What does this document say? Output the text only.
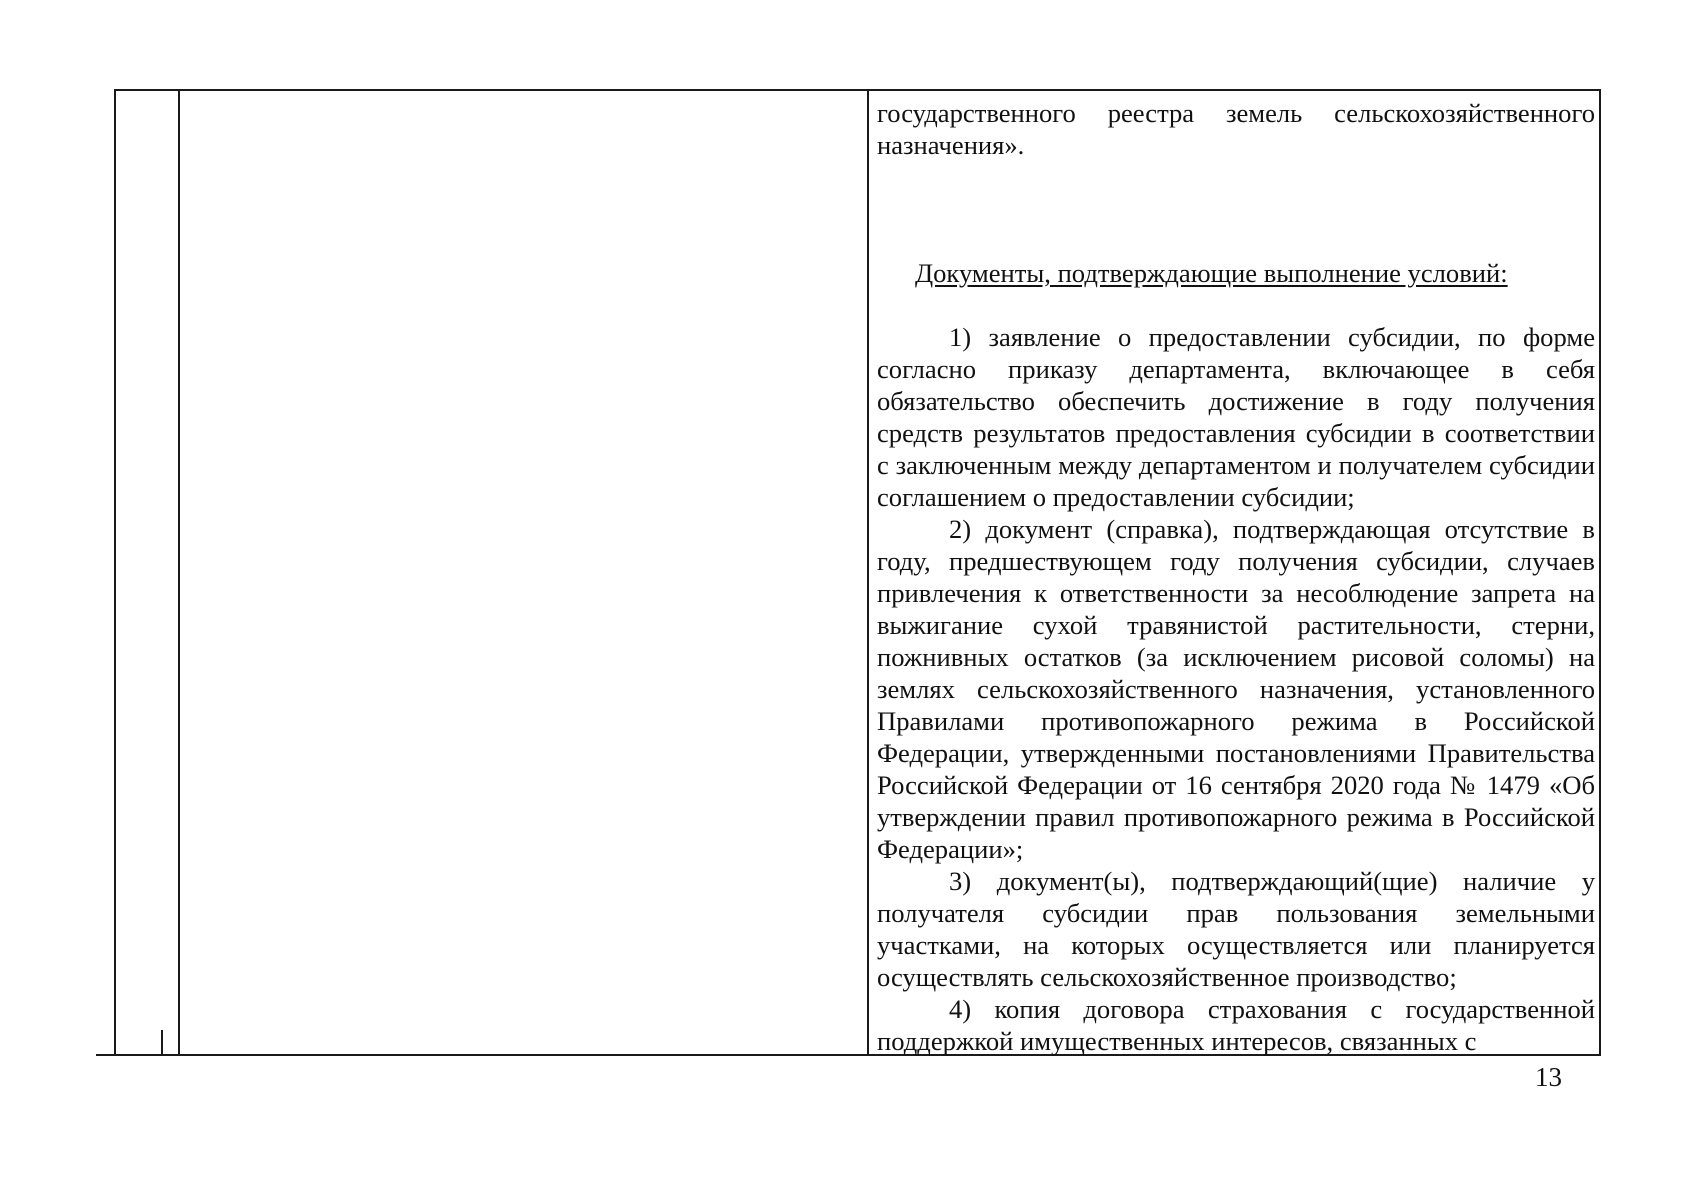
государственного реестра земель сельскохозяйственного назначения».

Документы, подтверждающие выполнение условий:

1) заявление о предоставлении субсидии, по форме согласно приказу департамента, включающее в себя обязательство обеспечить достижение в году получения средств результатов предоставления субсидии в соответствии с заключенным между департаментом и получателем субсидии соглашением о предоставлении субсидии;

2) документ (справка), подтверждающая отсутствие в году, предшествующем году получения субсидии, случаев привлечения к ответственности за несоблюдение запрета на выжигание сухой травянистой растительности, стерни, пожнивных остатков (за исключением рисовой соломы) на землях сельскохозяйственного назначения, установленного Правилами противопожарного режима в Российской Федерации, утвержденными постановлениями Правительства Российской Федерации от 16 сентября 2020 года № 1479 «Об утверждении правил противопожарного режима в Российской Федерации»;

3) документ(ы), подтверждающий(щие) наличие у получателя субсидии прав пользования земельными участками, на которых осуществляется или планируется осуществлять сельскохозяйственное производство;

4) копия договора страхования с государственной поддержкой имущественных интересов, связанных с

13
